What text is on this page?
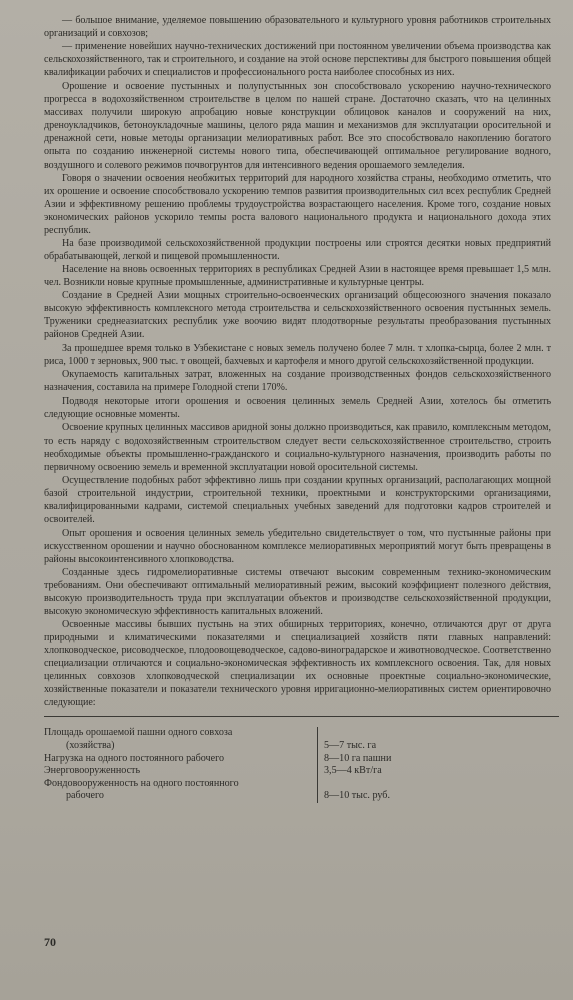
— большое внимание, уделяемое повышению образовательного и культурного уровня работников строительных организаций и совхозов;

— применение новейших научно-технических достижений при постоянном увеличении объема производства как сельскохозяйственного, так и строительного, и создание на этой основе перспективы для быстрого повышения общей квалификации рабочих и специалистов и профессионального роста наиболее способных из них.

Орошение и освоение пустынных и полупустынных зон способствовало ускорению научно-технического прогресса в водохозяйственном строительстве в целом по нашей стране. Достаточно сказать, что на целинных массивах получили широкую апробацию новые конструкции облицовок каналов и сооружений на них, дреноукладчиков, бетоноукладочные машины, целого ряда машин и механизмов для эксплуатации оросительной и дренажной сети, новые методы организации мелиоративных работ. Все это способствовало накоплению богатого опыта по созданию инженерной системы нового типа, обеспечивающей оптимальное регулирование водного, воздушного и солевого режимов почвогрунтов для интенсивного ведения орошаемого земледелия.

Говоря о значении освоения необжитых территорий для народного хозяйства страны, необходимо отметить, что их орошение и освоение способствовало ускорению темпов развития производительных сил всех республик Средней Азии и эффективному решению проблемы трудоустройства возрастающего населения. Кроме того, создание новых экономических районов ускорило темпы роста валового национального продукта и национального дохода этих республик.

На базе производимой сельскохозяйственной продукции построены или строятся десятки новых предприятий обрабатывающей, легкой и пищевой промышленности.

Население на вновь освоенных территориях в республиках Средней Азии в настоящее время превышает 1,5 млн. чел. Возникли новые крупные промышленные, административные и культурные центры.

Создание в Средней Азии мощных строительно-освоенческих организаций общесоюзного значения показало высокую эффективность комплексного метода строительства и сельскохозяйственного освоения пустынных земель. Труженики среднеазиатских республик уже воочию видят плодотворные результаты преобразования пустынных районов Средней Азии.

За прошедшее время только в Узбекистане с новых земель получено более 7 млн. т хлопка-сырца, более 2 млн. т риса, 1000 т зерновых, 900 тыс. т овощей, бахчевых и картофеля и много другой сельскохозяйственной продукции.

Окупаемость капитальных затрат, вложенных на создание производственных фондов сельскохозяйственного назначения, составила на примере Голодной степи 170%.

Подводя некоторые итоги орошения и освоения целинных земель Средней Азии, хотелось бы отметить следующие основные моменты.

Освоение крупных целинных массивов аридной зоны должно производиться, как правило, комплексным методом, то есть наряду с водохозяйственным строительством следует вести сельскохозяйственное строительство, строить необходимые объекты промышленно-гражданского и социально-культурного назначения, производить работы по первичному освоению земель и временной эксплуатации новой оросительной системы.

Осуществление подобных работ эффективно лишь при создании крупных организаций, располагающих мощной базой строительной индустрии, строительной техники, проектными и конструкторскими организациями, квалифицированными кадрами, системой специальных учебных заведений для подготовки кадров строителей и освоителей.

Опыт орошения и освоения целинных земель убедительно свидетельствует о том, что пустынные районы при искусственном орошении и научно обоснованном комплексе мелиоративных мероприятий могут быть превращены в районы высокоинтенсивного хлопководства.

Созданные здесь гидромелиоративные системы отвечают высоким современным технико-экономическим требованиям. Они обеспечивают оптимальный мелиоративный режим, высокий коэффициент полезного действия, высокую производительность труда при эксплуатации объектов и производстве сельскохозяйственной продукции, высокую экономическую эффективность капитальных вложений.

Освоенные массивы бывших пустынь на этих обширных территориях, конечно, отличаются друг от друга природными и климатическими показателями и специализацией хозяйств пяти главных направлений: хлопководческое, рисоводческое, плодоовощеводческое, садово-виноградарское и животноводческое. Соответственно специализации отличаются и социально-экономическая эффективность их комплексного освоения. Так, для новых целинных совхозов хлопководческой специализации их основные проектные социально-экономические, хозяйственные показатели и показатели технического уровня ирригационно-мелиоративных систем ориентировочно следующие:

Площадь орошаемой пашни одного совхоза
(хозяйства)	5—7 тыс. га
Нагрузка на одного постоянного рабочего	8—10 га пашни
Энерговооруженность	3,5—4 кВт/га
Фондовооруженность на одного постоянного
рабочего	8—10 тыс. руб.
70
